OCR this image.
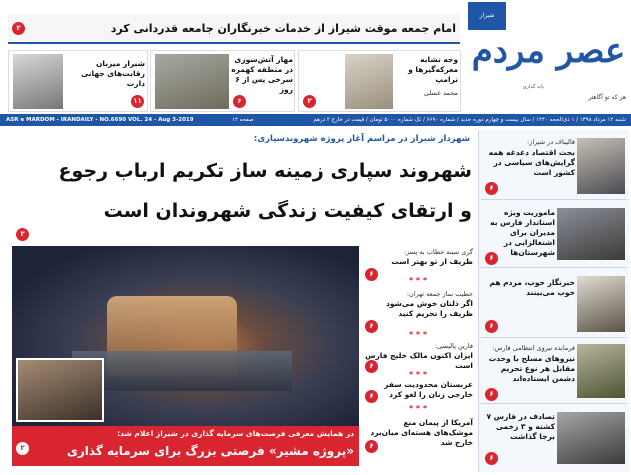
شیراز
عصر مردم
هر که تو آگاهتر
پایه گذاری
۲	امام جمعه موقت شیراز از خدمات خبرنگاران جامعه قدردانی کرد
وجه تشابه معرکه‌گیرها و ترامپ
محمد عسلی
۲
مهار آتش‌سوزی در منطقه کهمره سرخی پس از ۶ روز
۶
شیراز میزبان رقابت‌های جهانی دارت
۱۱
ASR e MARDOM - IRANDAILY - NO.6690 VOL. 24 - Aug 3-2019	۱۲ صفحه	شنبه ۱۲ مرداد ۱۳۹۸ / ۱ ذی‌الحجه ۱۴۴۰ / سال بیست و چهارم دوره جدید / شماره ۶۶۹۰ / تک شماره ۵۰۰۰ تومان / قیمت در خارج ۲ درهم
شهردار شیراز در مراسم آغاز پروژه شهروندسپاری:
شهروند سپاری زمینه ساز تکریم ارباب رجوع
و ارتقای کیفیت زندگی شهروندان است
۳
در همایش معرفی فرصت‌های سرمایه گذاری در شیراز اعلام شد:
«پروژه مشیر» فرصتی بزرگ برای سرمایه گذاری
۳
گری سینه خطاب به پسر:
ظریف از تو بهتر است
۶
* * *
خطیب نماز جمعه تهران:
اگر ذلتان خوش می‌شود ظریف را تحریم کنید
۶
* * *
فارین پالیسی:
ایران اکنون مالک خلیج فارس است
۶
* * *
عربستان محدودیت سفر خارجی زنان را لغو کرد
۶
* * *
آمریکا از پیمان منع موشک‌های هسته‌ای میان‌برد خارج شد
۶
قالیباف در شیراز:
بحث اقتصاد دغدغه همه گرایش‌های سیاسی در کشور است
۶
ماموریت ویژه استاندار فارس به مدیران برای اشتغالزایی در شهرستان‌ها
۶
خبرنگار خوب، مردم هم خوب می‌بینند
۶
فرمانده نیروی انتظامی فارس:
نیروهای مسلح با وحدت مقابل هر نوع تحریم دشمن ایستاده‌اند
۶
تصادف در فارس ۷ کشته و ۳ زخمی برجا گذاشت
۶
